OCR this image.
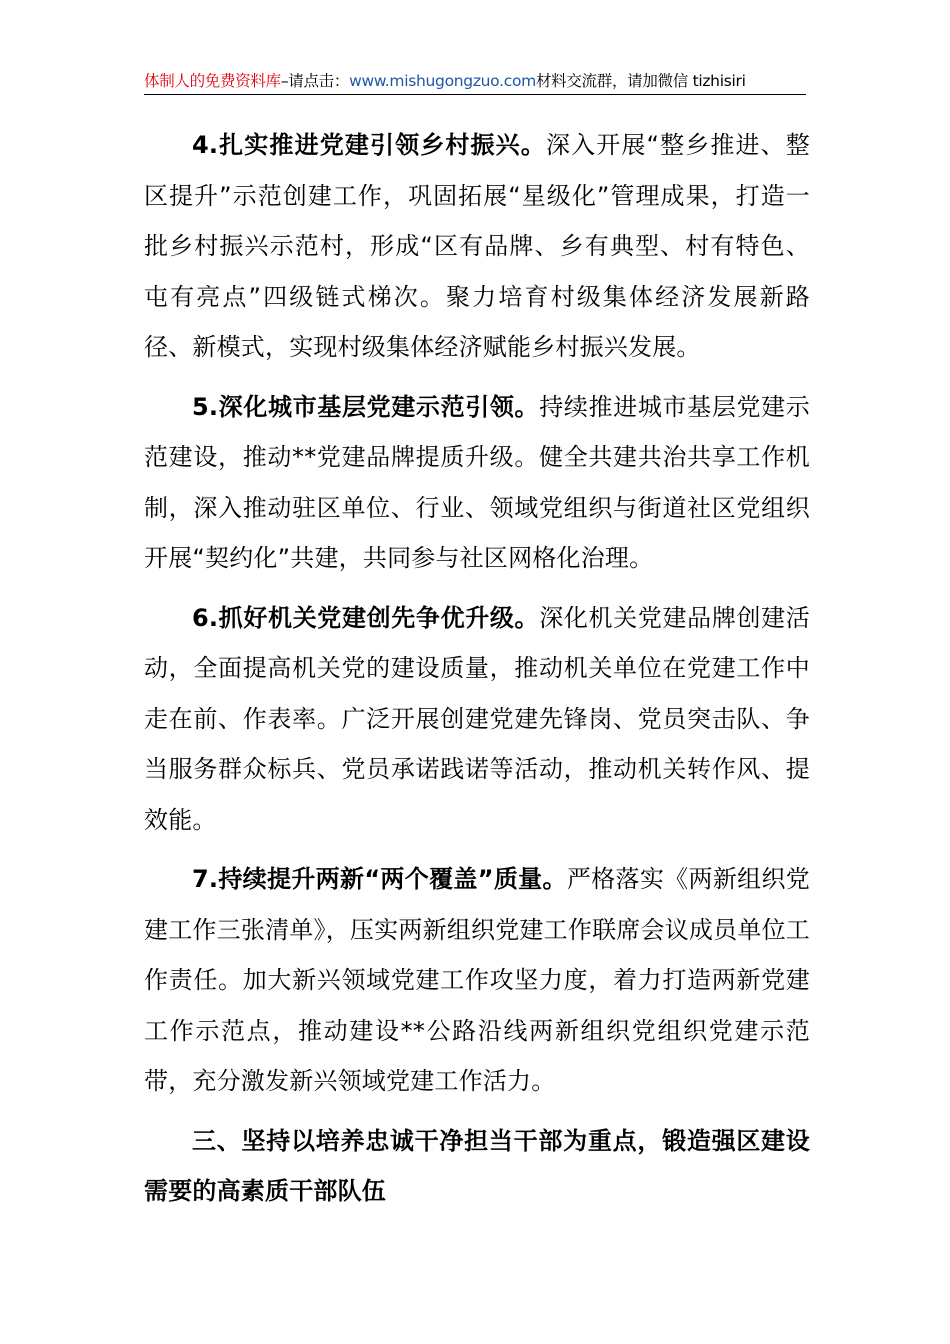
体制人的免费资料库–请点击：www.mishugongzuo.com材料交流群，请加微信 tizhisiri

4.扎实推进党建引领乡村振兴。深入开展“整乡推进、整区提升”示范创建工作，巩固拓展“星级化”管理成果，打造一批乡村振兴示范村，形成“区有品牌、乡有典型、村有特色、屯有亮点”四级链式梯次。聚力培育村级集体经济发展新路径、新模式，实现村级集体经济赋能乡村振兴发展。

5.深化城市基层党建示范引领。持续推进城市基层党建示范建设，推动**党建品牌提质升级。健全共建共治共享工作机制，深入推动驻区单位、行业、领域党组织与街道社区党组织开展“契约化”共建，共同参与社区网格化治理。

6.抓好机关党建创先争优升级。深化机关党建品牌创建活动，全面提高机关党的建设质量，推动机关单位在党建工作中走在前、作表率。广泛开展创建党建先锋岗、党员突击队、争当服务群众标兵、党员承诺践诺等活动，推动机关转作风、提效能。

7.持续提升两新“两个覆盖”质量。严格落实《两新组织党建工作三张清单》，压实两新组织党建工作联席会议成员单位工作责任。加大新兴领域党建工作攻坚力度，着力打造两新党建工作示范点，推动建设**公路沿线两新组织党组织党建示范带，充分激发新兴领域党建工作活力。

三、坚持以培养忠诚干净担当干部为重点，锻造强区建设需要的高素质干部队伍
